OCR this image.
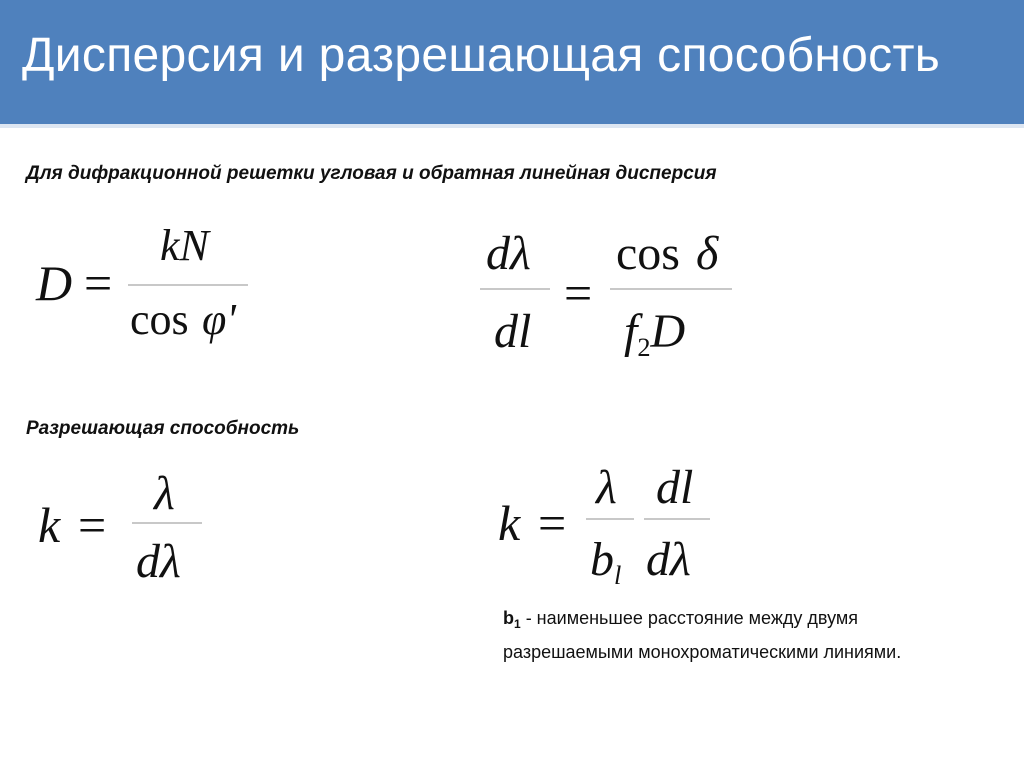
Дисперсия и разрешающая способность
Для дифракционной решетки угловая и обратная линейная дисперсия
D =
kN
cos φ'
dλ
dl
=
cos δ
$f_2D$
Разрешающая способность
k =
λ
dλ
k =
λ
$b_l$
dl
dλ
$b_1$ - наименьшее расстояние между двумя разрешаемыми монохроматическими линиями.
